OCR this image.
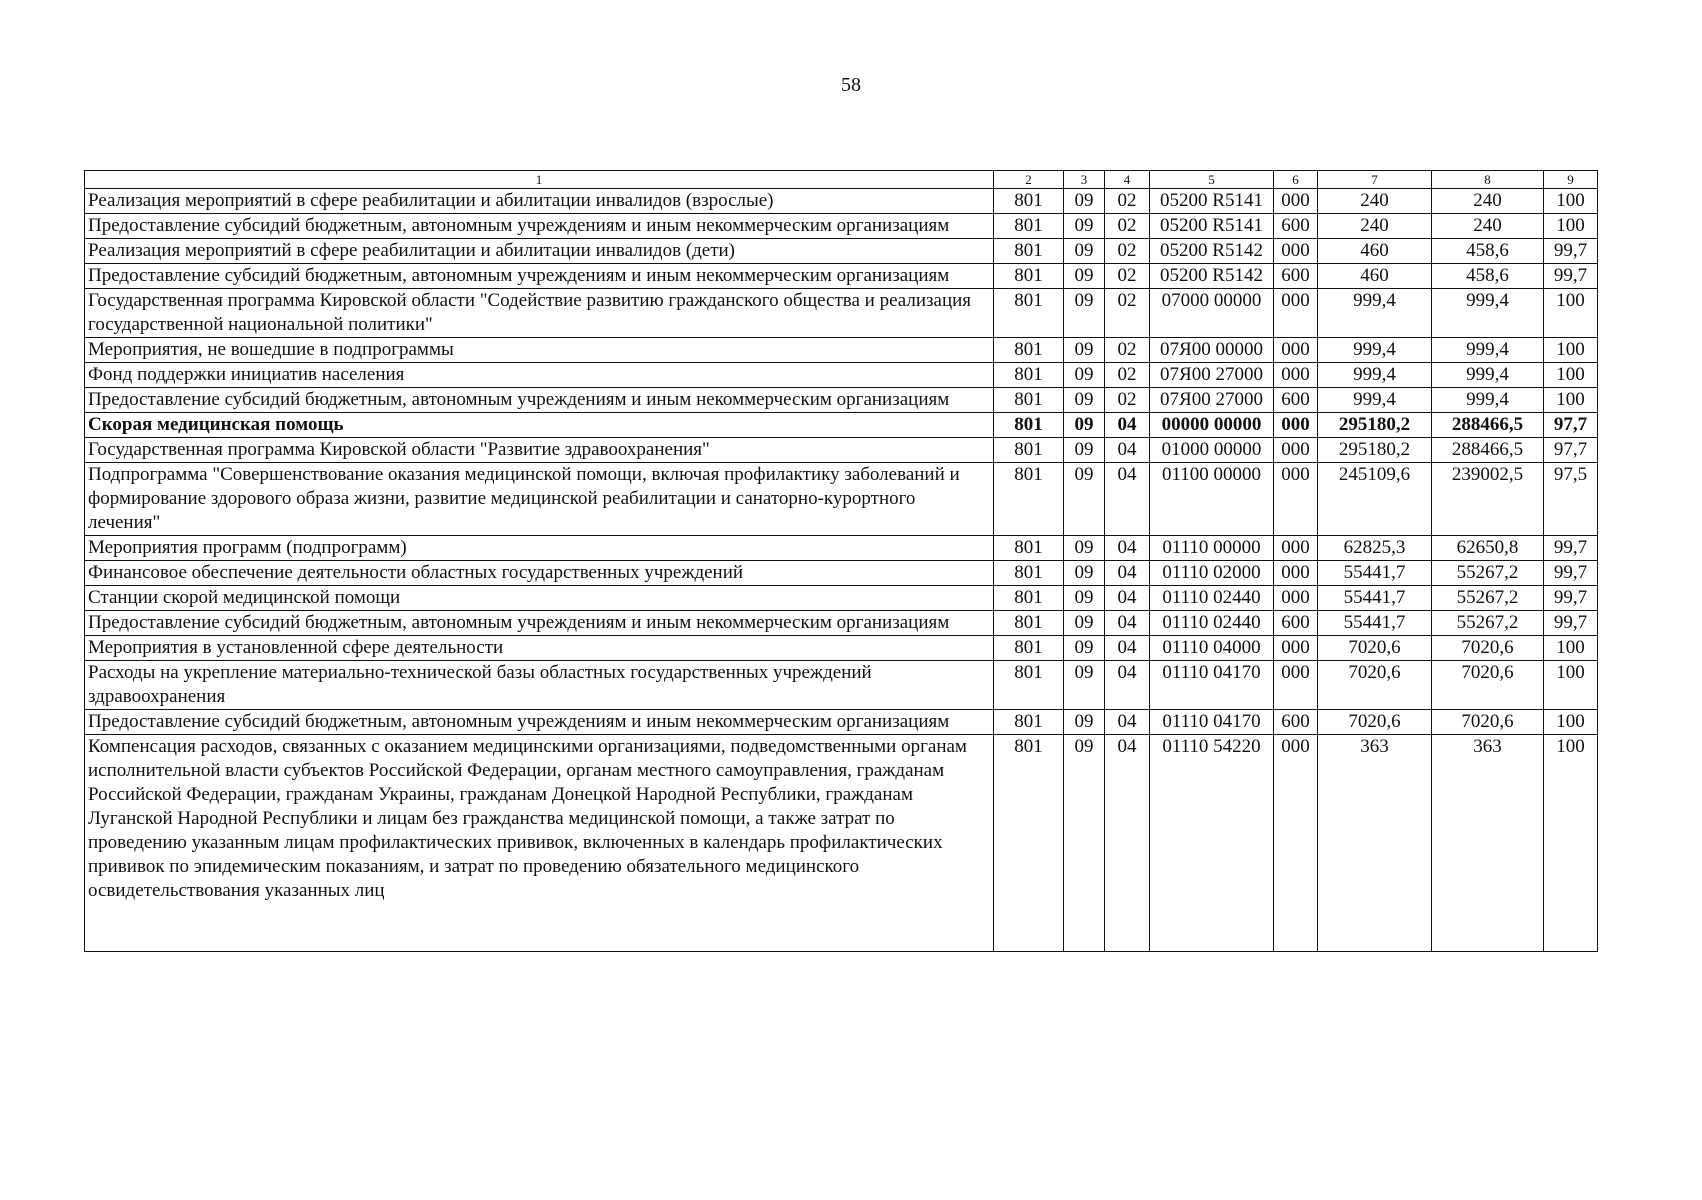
58
1	2	3	4	5	6	7	8	9
Реализация мероприятий в сфере реабилитации и абилитации инвалидов (взрослые)	801	09	02	05200 R5141	000	240	240	100
Предоставление субсидий бюджетным, автономным учреждениям и иным некоммерческим организациям	801	09	02	05200 R5141	600	240	240	100
Реализация мероприятий в сфере реабилитации и абилитации инвалидов (дети)	801	09	02	05200 R5142	000	460	458,6	99,7
Предоставление субсидий бюджетным, автономным учреждениям и иным некоммерческим организациям	801	09	02	05200 R5142	600	460	458,6	99,7
Государственная программа Кировской области "Содействие развитию гражданского общества и реализация государственной национальной политики"	801	09	02	07000 00000	000	999,4	999,4	100
Мероприятия, не вошедшие в подпрограммы	801	09	02	07Я00 00000	000	999,4	999,4	100
Фонд поддержки инициатив населения	801	09	02	07Я00 27000	000	999,4	999,4	100
Предоставление субсидий бюджетным, автономным учреждениям и иным некоммерческим организациям	801	09	02	07Я00 27000	600	999,4	999,4	100
Скорая медицинская помощь	801	09	04	00000 00000	000	295180,2	288466,5	97,7
Государственная программа Кировской области "Развитие здравоохранения"	801	09	04	01000 00000	000	295180,2	288466,5	97,7
Подпрограмма "Совершенствование оказания медицинской помощи, включая профилактику заболеваний и формирование здорового образа жизни, развитие медицинской реабилитации и санаторно-курортного лечения"	801	09	04	01100 00000	000	245109,6	239002,5	97,5
Мероприятия программ (подпрограмм)	801	09	04	01110 00000	000	62825,3	62650,8	99,7
Финансовое обеспечение деятельности областных государственных учреждений	801	09	04	01110 02000	000	55441,7	55267,2	99,7
Станции скорой медицинской помощи	801	09	04	01110 02440	000	55441,7	55267,2	99,7
Предоставление субсидий бюджетным, автономным учреждениям и иным некоммерческим организациям	801	09	04	01110 02440	600	55441,7	55267,2	99,7
Мероприятия в установленной сфере деятельности	801	09	04	01110 04000	000	7020,6	7020,6	100
Расходы на укрепление материально-технической базы областных государственных учреждений здравоохранения	801	09	04	01110 04170	000	7020,6	7020,6	100
Предоставление субсидий бюджетным, автономным учреждениям и иным некоммерческим организациям	801	09	04	01110 04170	600	7020,6	7020,6	100
Компенсация расходов, связанных с оказанием медицинскими организациями, подведомственными органам исполнительной власти субъектов Российской Федерации, органам местного самоуправления, гражданам Российской Федерации, гражданам Украины, гражданам Донецкой Народной Республики, гражданам Луганской Народной Республики и лицам без гражданства медицинской помощи, а также затрат по проведению указанным лицам профилактических прививок, включенных в календарь профилактических прививок по эпидемическим показаниям, и затрат по проведению обязательного медицинского освидетельствования указанных лиц	801	09	04	01110 54220	000	363	363	100
